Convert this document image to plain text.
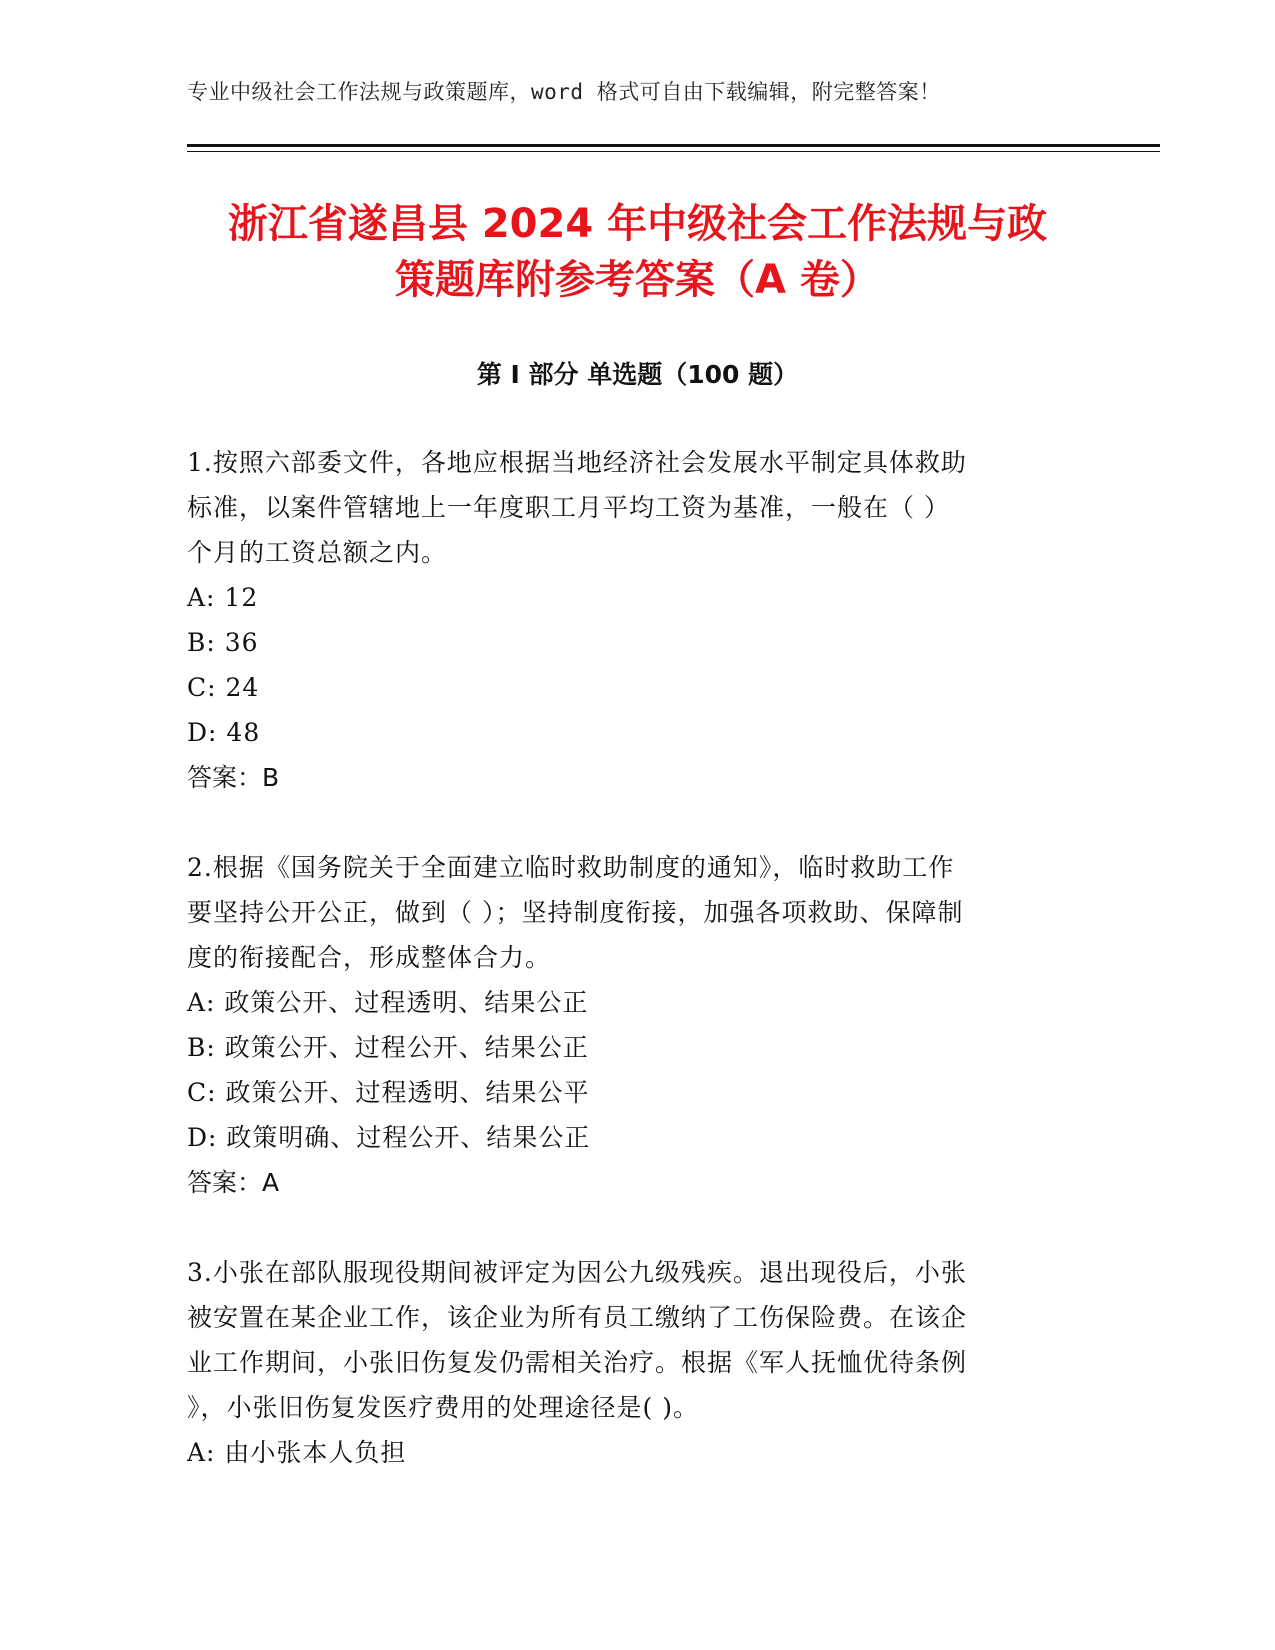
专业中级社会工作法规与政策题库，word 格式可自由下载编辑，附完整答案！
浙江省遂昌县 2024 年中级社会工作法规与政
策题库附参考答案（A 卷）
第 I 部分 单选题（100 题）
1.按照六部委文件，各地应根据当地经济社会发展水平制定具体救助
标准，以案件管辖地上一年度职工月平均工资为基准，一般在（ ）
个月的工资总额之内。
A: 12
B: 36
C: 24
D: 48
答案：B
2.根据《国务院关于全面建立临时救助制度的通知》，临时救助工作
要坚持公开公正，做到（ ）；坚持制度衔接，加强各项救助、保障制
度的衔接配合，形成整体合力。
A: 政策公开、过程透明、结果公正
B: 政策公开、过程公开、结果公正
C: 政策公开、过程透明、结果公平
D: 政策明确、过程公开、结果公正
答案：A
3.小张在部队服现役期间被评定为因公九级残疾。退出现役后，小张
被安置在某企业工作，该企业为所有员工缴纳了工伤保险费。在该企
业工作期间，小张旧伤复发仍需相关治疗。根据《军人抚恤优待条例
》，小张旧伤复发医疗费用的处理途径是( )。
A: 由小张本人负担
